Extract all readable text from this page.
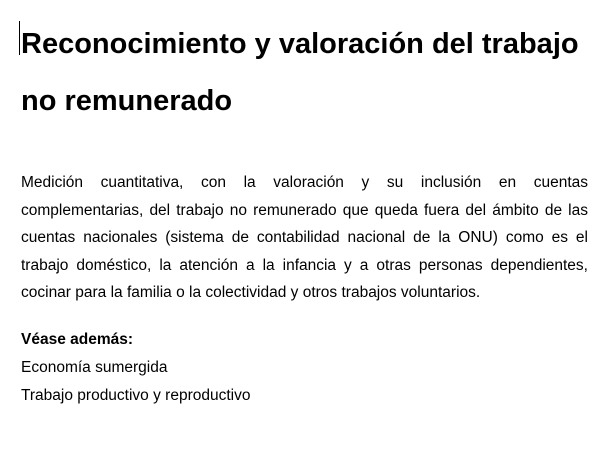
Reconocimiento y valoración del trabajo no remunerado

Medición cuantitativa, con la valoración y su inclusión en cuentas complementarias, del trabajo no remunerado que queda fuera del ámbito de las cuentas nacionales (sistema de contabilidad nacional de la ONU) como es el trabajo doméstico, la atención a la infancia y a otras personas dependientes, cocinar para la familia o la colectividad y otros trabajos voluntarios.

Véase además:
Economía sumergida
Trabajo productivo y reproductivo
